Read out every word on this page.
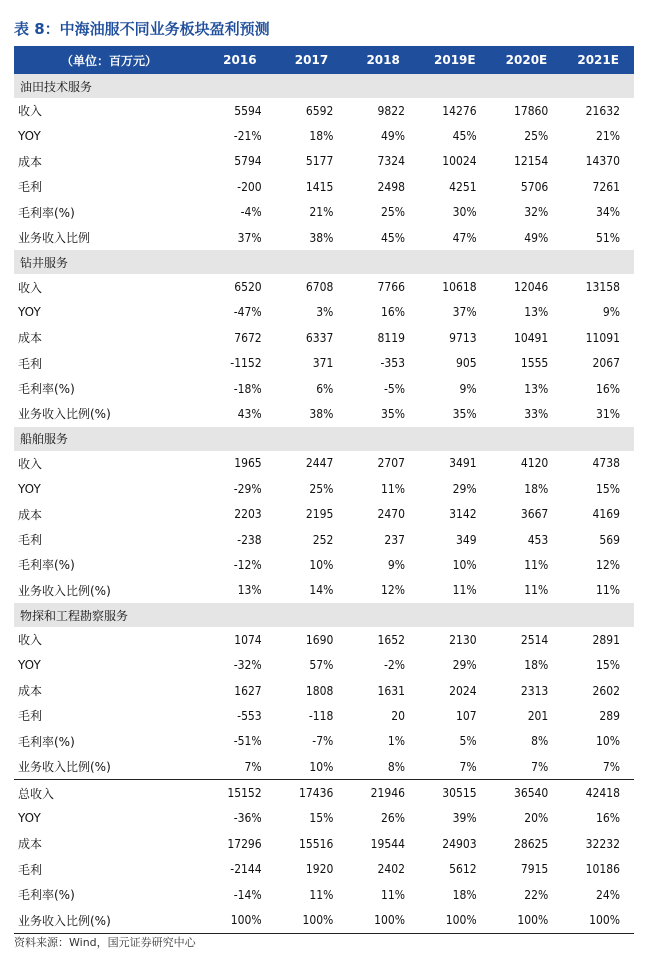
表 8：中海油服不同业务板块盈利预测
（单位：百万元）	2016	2017	2018	2019E	2020E	2021E
油田技术服务						
收入	5594	6592	9822	14276	17860	21632
YOY	-21%	18%	49%	45%	25%	21%
成本	5794	5177	7324	10024	12154	14370
毛利	-200	1415	2498	4251	5706	7261
毛利率(%)	-4%	21%	25%	30%	32%	34%
业务收入比例	37%	38%	45%	47%	49%	51%
钻井服务						
收入	6520	6708	7766	10618	12046	13158
YOY	-47%	3%	16%	37%	13%	9%
成本	7672	6337	8119	9713	10491	11091
毛利	-1152	371	-353	905	1555	2067
毛利率(%)	-18%	6%	-5%	9%	13%	16%
业务收入比例(%)	43%	38%	35%	35%	33%	31%
船舶服务						
收入	1965	2447	2707	3491	4120	4738
YOY	-29%	25%	11%	29%	18%	15%
成本	2203	2195	2470	3142	3667	4169
毛利	-238	252	237	349	453	569
毛利率(%)	-12%	10%	9%	10%	11%	12%
业务收入比例(%)	13%	14%	12%	11%	11%	11%
物探和工程勘察服务						
收入	1074	1690	1652	2130	2514	2891
YOY	-32%	57%	-2%	29%	18%	15%
成本	1627	1808	1631	2024	2313	2602
毛利	-553	-118	20	107	201	289
毛利率(%)	-51%	-7%	1%	5%	8%	10%
业务收入比例(%)	7%	10%	8%	7%	7%	7%
总收入	15152	17436	21946	30515	36540	42418
YOY	-36%	15%	26%	39%	20%	16%
成本	17296	15516	19544	24903	28625	32232
毛利	-2144	1920	2402	5612	7915	10186
毛利率(%)	-14%	11%	11%	18%	22%	24%
业务收入比例(%)	100%	100%	100%	100%	100%	100%
资料来源：Wind，国元证券研究中心
